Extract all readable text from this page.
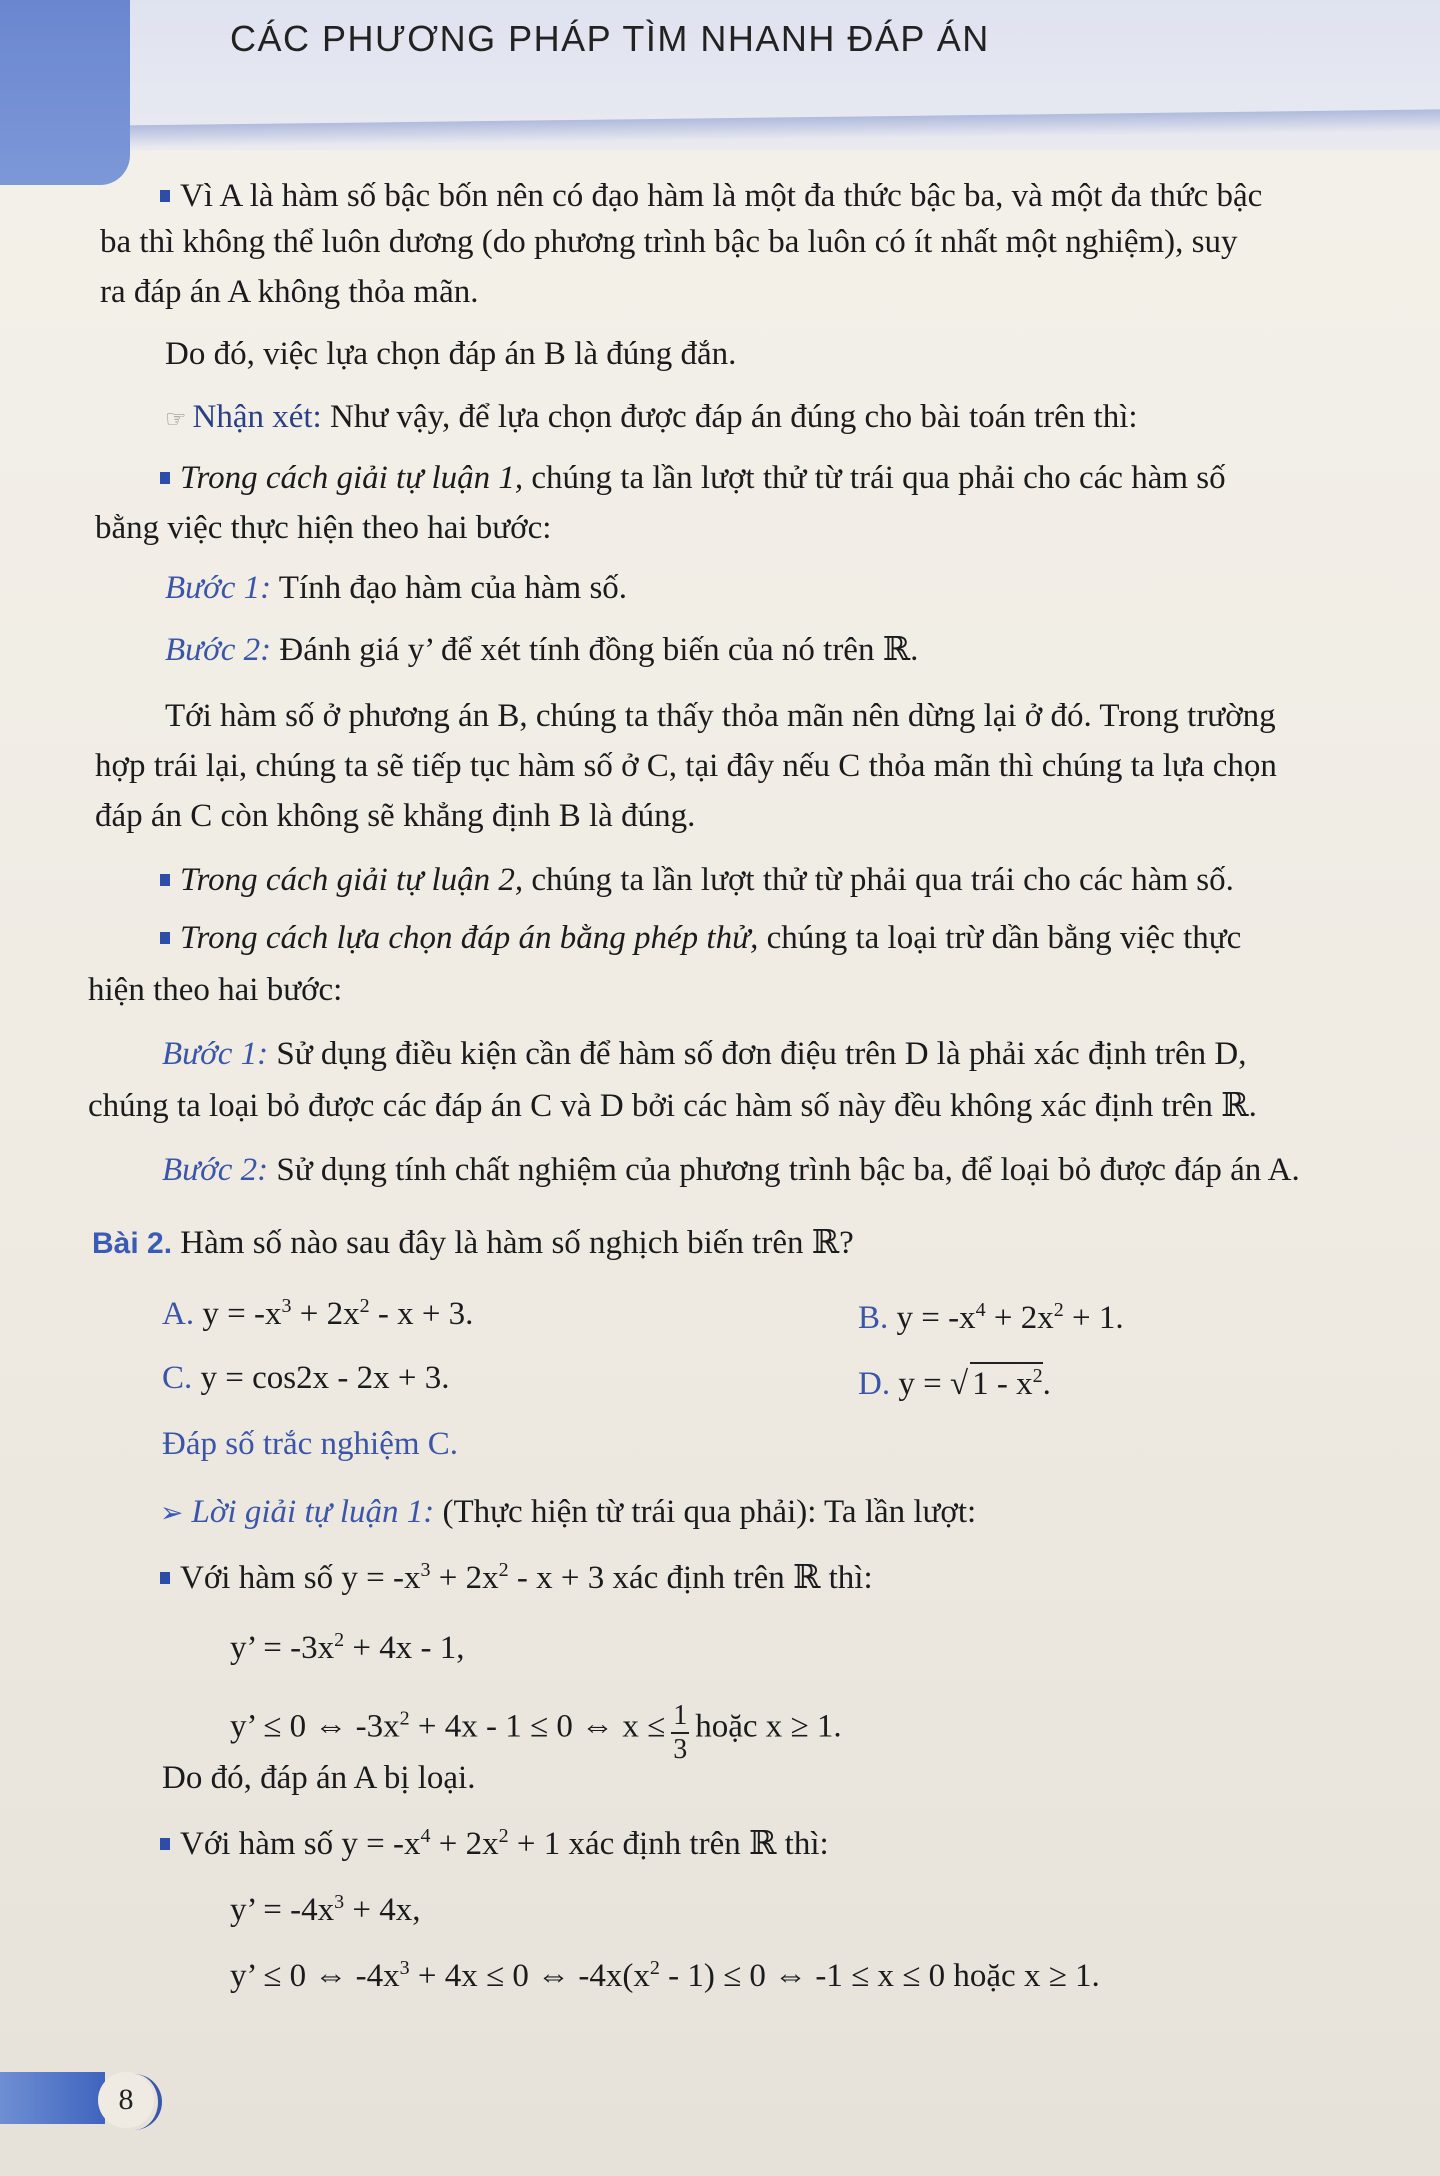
CÁC PHƯƠNG PHÁP TÌM NHANH ĐÁP ÁN
Vì A là hàm số bậc bốn nên có đạo hàm là một đa thức bậc ba, và một đa thức bậc
ba thì không thể luôn dương (do phương trình bậc ba luôn có ít nhất một nghiệm), suy
ra đáp án A không thỏa mãn.
Do đó, việc lựa chọn đáp án B là đúng đắn.
☞ Nhận xét: Như vậy, để lựa chọn được đáp án đúng cho bài toán trên thì:
Trong cách giải tự luận 1, chúng ta lần lượt thử từ trái qua phải cho các hàm số
bằng việc thực hiện theo hai bước:
Bước 1: Tính đạo hàm của hàm số.
Bước 2: Đánh giá y’ để xét tính đồng biến của nó trên ℝ.
Tới hàm số ở phương án B, chúng ta thấy thỏa mãn nên dừng lại ở đó. Trong trường
hợp trái lại, chúng ta sẽ tiếp tục hàm số ở C, tại đây nếu C thỏa mãn thì chúng ta lựa chọn
đáp án C còn không sẽ khẳng định B là đúng.
Trong cách giải tự luận 2, chúng ta lần lượt thử từ phải qua trái cho các hàm số.
Trong cách lựa chọn đáp án bằng phép thử, chúng ta loại trừ dần bằng việc thực
hiện theo hai bước:
Bước 1: Sử dụng điều kiện cần để hàm số đơn điệu trên D là phải xác định trên D,
chúng ta loại bỏ được các đáp án C và D bởi các hàm số này đều không xác định trên ℝ.
Bước 2: Sử dụng tính chất nghiệm của phương trình bậc ba, để loại bỏ được đáp án A.
Bài 2. Hàm số nào sau đây là hàm số nghịch biến trên ℝ?
A. $y = -x^3 + 2x^2 - x + 3$.	B. $y = -x^4 + 2x^2 + 1$.
C. y = cos2x - 2x + 3.	D. y = √ $1 - x^2$.
Đáp số trắc nghiệm C.
➢ Lời giải tự luận 1: (Thực hiện từ trái qua phải): Ta lần lượt:
Với hàm số $y = -x^3 + 2x^2 - x + 3$ xác định trên ℝ thì:
y’ = $-3x^2 + 4x - 1$,
y’ ≤ 0 ⇔ $-3x^2 + 4x - 1 \le 0$ ⇔ $x \le \frac{1}{3}$ hoặc x ≥ 1.
Do đó, đáp án A bị loại.
Với hàm số $y = -x^4 + 2x^2 + 1$ xác định trên ℝ thì:
y’ = $-4x^3 + 4x$,
y’ ≤ 0 ⇔ $-4x^3 + 4x \le 0$ ⇔ $-4x(x^2 - 1) \le 0$ ⇔ -1 ≤ x ≤ 0 hoặc x ≥ 1.
8
